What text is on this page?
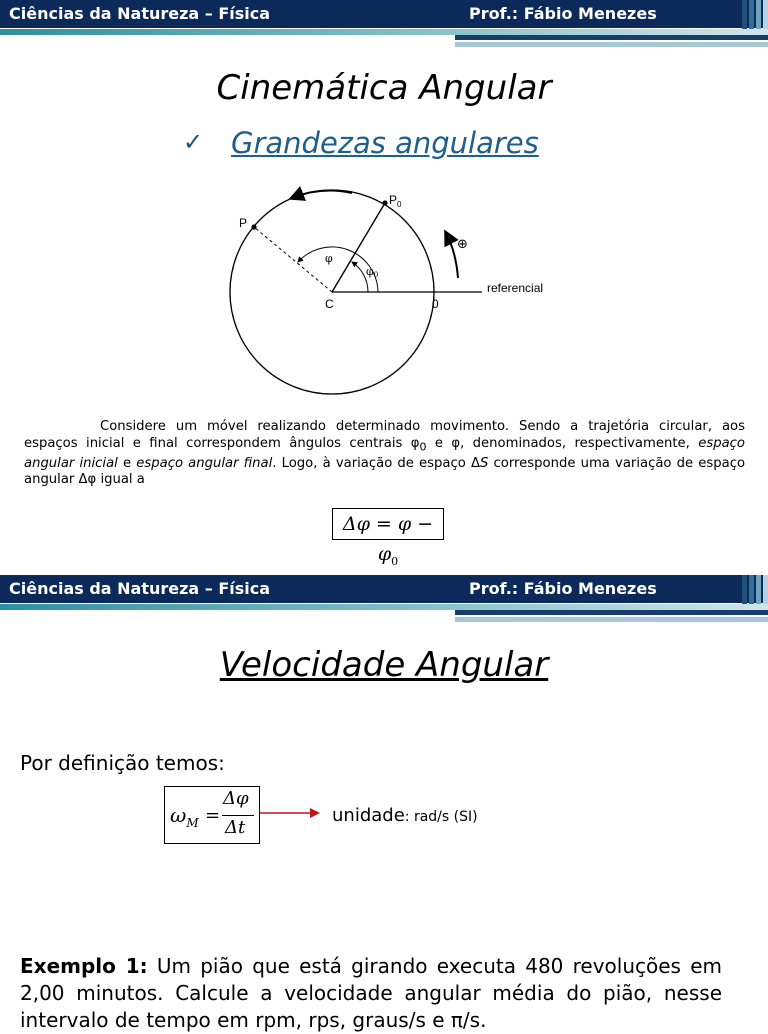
Ciências da Natureza – Física	Prof.: Fábio Menezes
Cinemática Angular
✓ Grandezas angulares
P
$P_0$
C	0
φ
φ0
referencial
⊕
Considere um móvel realizando determinado movimento. Sendo a trajetória circular, aos espaços inicial e final correspondem ângulos centrais $\varphi_0$ e φ, denominados, respectivamente, espaço angular inicial e espaço angular final. Logo, à variação de espaço ΔS corresponde uma variação de espaço angular Δφ igual a
$\Delta\varphi = \varphi - \varphi_0$
Ciências da Natureza – Física	Prof.: Fábio Menezes
Velocidade Angular
Por definição temos:
$\omega_M$ =
Δφ
Δt
unidade: rad/s (SI)
Exemplo 1: Um pião que está girando executa 480 revoluções em 2,00 minutos. Calcule a velocidade angular média do pião, nesse intervalo de tempo em rpm, rps, graus/s e π/s.
